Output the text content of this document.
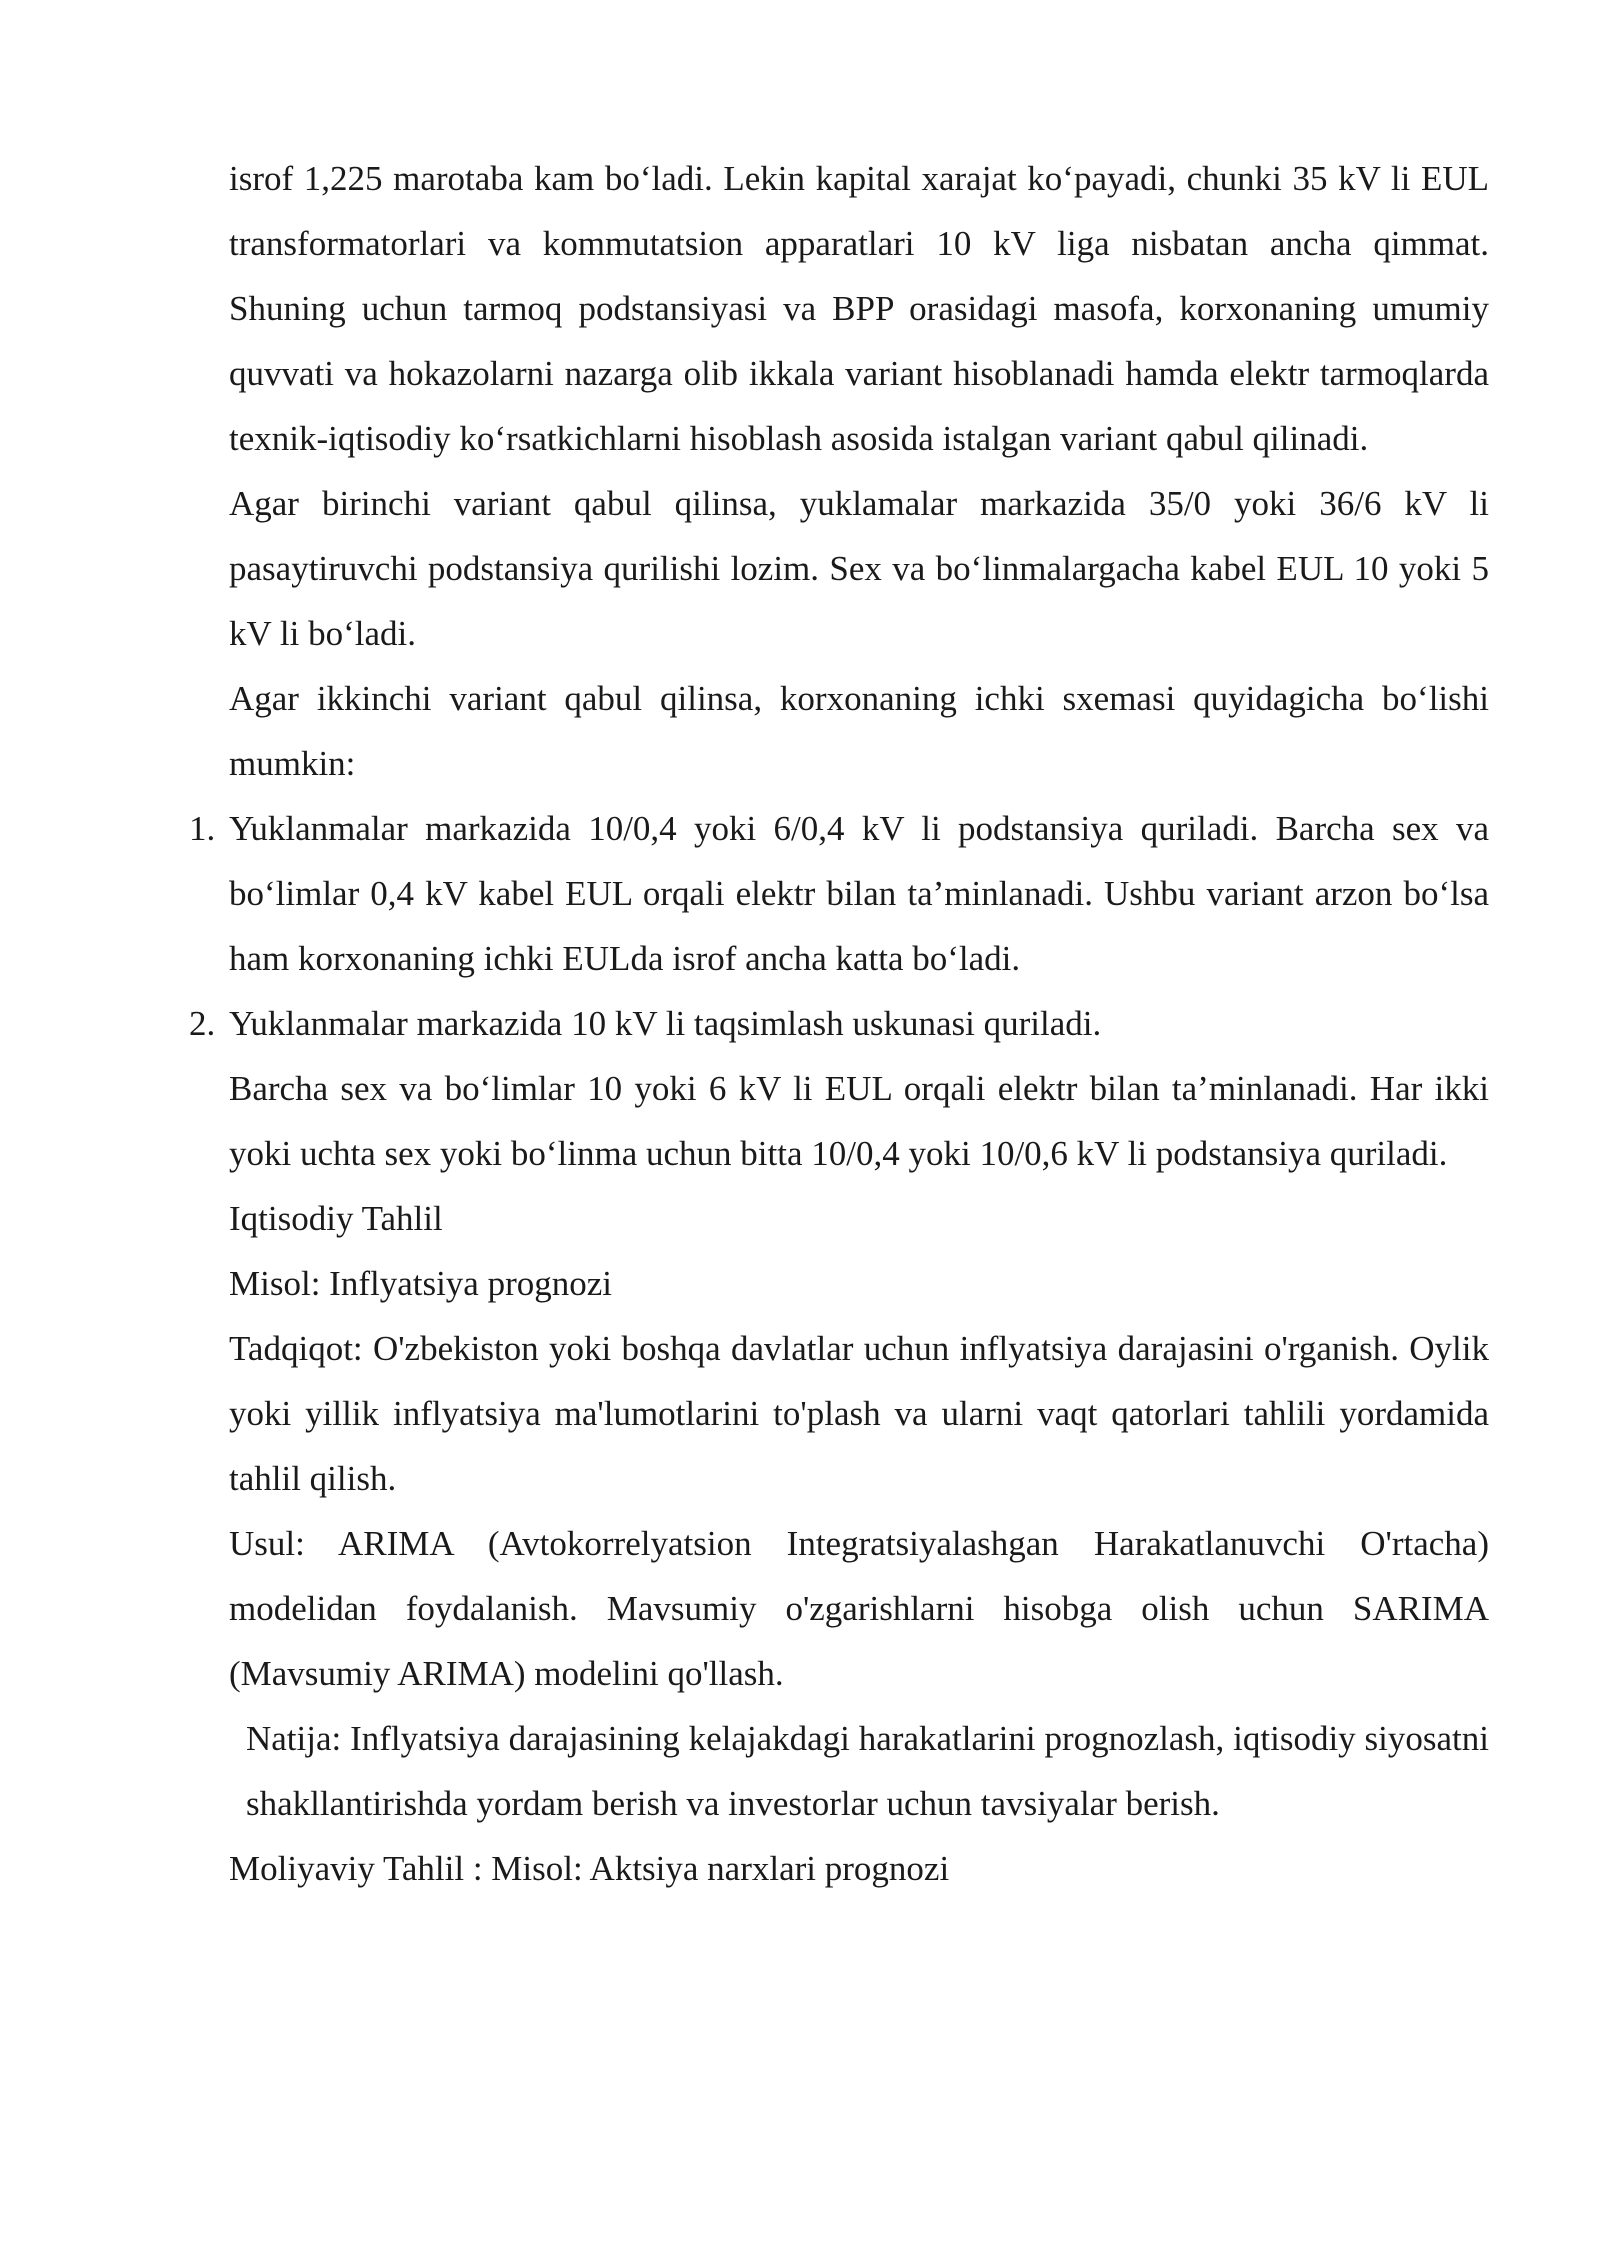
isrof 1,225 marotaba kam bo‘ladi. Lekin kapital xarajat ko‘payadi, chunki 35 kV li EUL transformatorlari va kommutatsion apparatlari 10 kV liga nisbatan ancha qimmat. Shuning uchun tarmoq podstansiyasi va BPP orasidagi masofa, korxonaning umumiy quvvati va hokazolarni nazarga olib ikkala variant hisoblanadi hamda elektr tarmoqlarda texnik-iqtisodiy ko‘rsatkichlarni hisoblash asosida istalgan variant qabul qilinadi.

Agar birinchi variant qabul qilinsa, yuklamalar markazida 35/0 yoki 36/6 kV li pasaytiruvchi podstansiya qurilishi lozim. Sex va bo‘linmalargacha kabel EUL 10 yoki 5 kV li bo‘ladi.

Agar ikkinchi variant qabul qilinsa, korxonaning ichki sxemasi quyidagicha bo‘lishi mumkin:

1. Yuklanmalar markazida 10/0,4 yoki 6/0,4 kV li podstansiya quriladi. Barcha sex va bo‘limlar 0,4 kV kabel EUL orqali elektr bilan ta’minlanadi. Ushbu variant arzon bo‘lsa ham korxonaning ichki EULda isrof ancha katta bo‘ladi.
2. Yuklanmalar markazida 10 kV li taqsimlash uskunasi quriladi.

Barcha sex va bo‘limlar 10 yoki 6 kV li EUL orqali elektr bilan ta’minlanadi. Har ikki yoki uchta sex yoki bo‘linma uchun bitta 10/0,4 yoki 10/0,6 kV li podstansiya quriladi.

Iqtisodiy Tahlil

Misol: Inflyatsiya prognozi

Tadqiqot: O'zbekiston yoki boshqa davlatlar uchun inflyatsiya darajasini o'rganish. Oylik yoki yillik inflyatsiya ma'lumotlarini to'plash va ularni vaqt qatorlari tahlili yordamida tahlil qilish.

Usul: ARIMA (Avtokorrelyatsion Integratsiyalashgan Harakatlanuvchi O'rtacha) modelidan foydalanish. Mavsumiy o'zgarishlarni hisobga olish uchun SARIMA (Mavsumiy ARIMA) modelini qo'llash.

Natija: Inflyatsiya darajasining kelajakdagi harakatlarini prognozlash, iqtisodiy siyosatni shakllantirishda yordam berish va investorlar uchun tavsiyalar berish.

Moliyaviy Tahlil : Misol: Aktsiya narxlari prognozi
